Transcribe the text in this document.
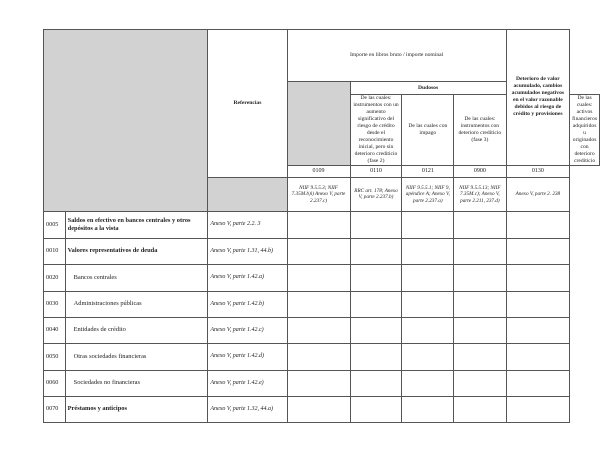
		Referencias	Importe en libros bruto / importe nominal				Deterioro de valor acumulado, cambios acumulados negativos en el valor razonable debidos al riesgo de crédito y provisiones	
				Dudosos				
				De las cuales: instrumentos con un aumento significativo del riesgo de crédito desde el reconocimiento inicial, pero sin deterioro crediticio (fase 2)	De las cuales con impago	De las cuales: instrumentos con deterioro crediticio (fase 3)		De las cuales: activos financieros adquiridos u originados con deterioro crediticio
			0109	0110	0121	0900	0130	
			NIIF 9.5.5.3; NIIF 7.35M.b)i) Anexo V, parte 2.237.c)	RRC art. 178; Anexo V, parte 2.237.b)	NIIF 9.5.5.1; NIIF 9, apéndice A; Anexo V, parte 2.237.a)	NIIF 9.5.5.13; NIIF 7.35M.c); Anexo V, parte 2.211, 237.d)	Anexo V, parte 2. 238	
0005	Saldos en efectivo en bancos centrales y otros depósitos a la vista	Anexo V, parte 2.2. 3						
0010	Valores representativos de deuda	Anexo V, parte 1.31, 44.b)						
0020	Bancos centrales	Anexo V, parte 1.42.a)						
0030	Administraciones públicas	Anexo V, parte 1.42.b)						
0040	Entidades de crédito	Anexo V, parte 1.42.c)						
0050	Otras sociedades financieras	Anexo V, parte 1.42.d)						
0060	Sociedades no financieras	Anexo V, parte 1.42.e)						
0070	Préstamos y anticipos	Anexo V, parte 1.32, 44.a)						
